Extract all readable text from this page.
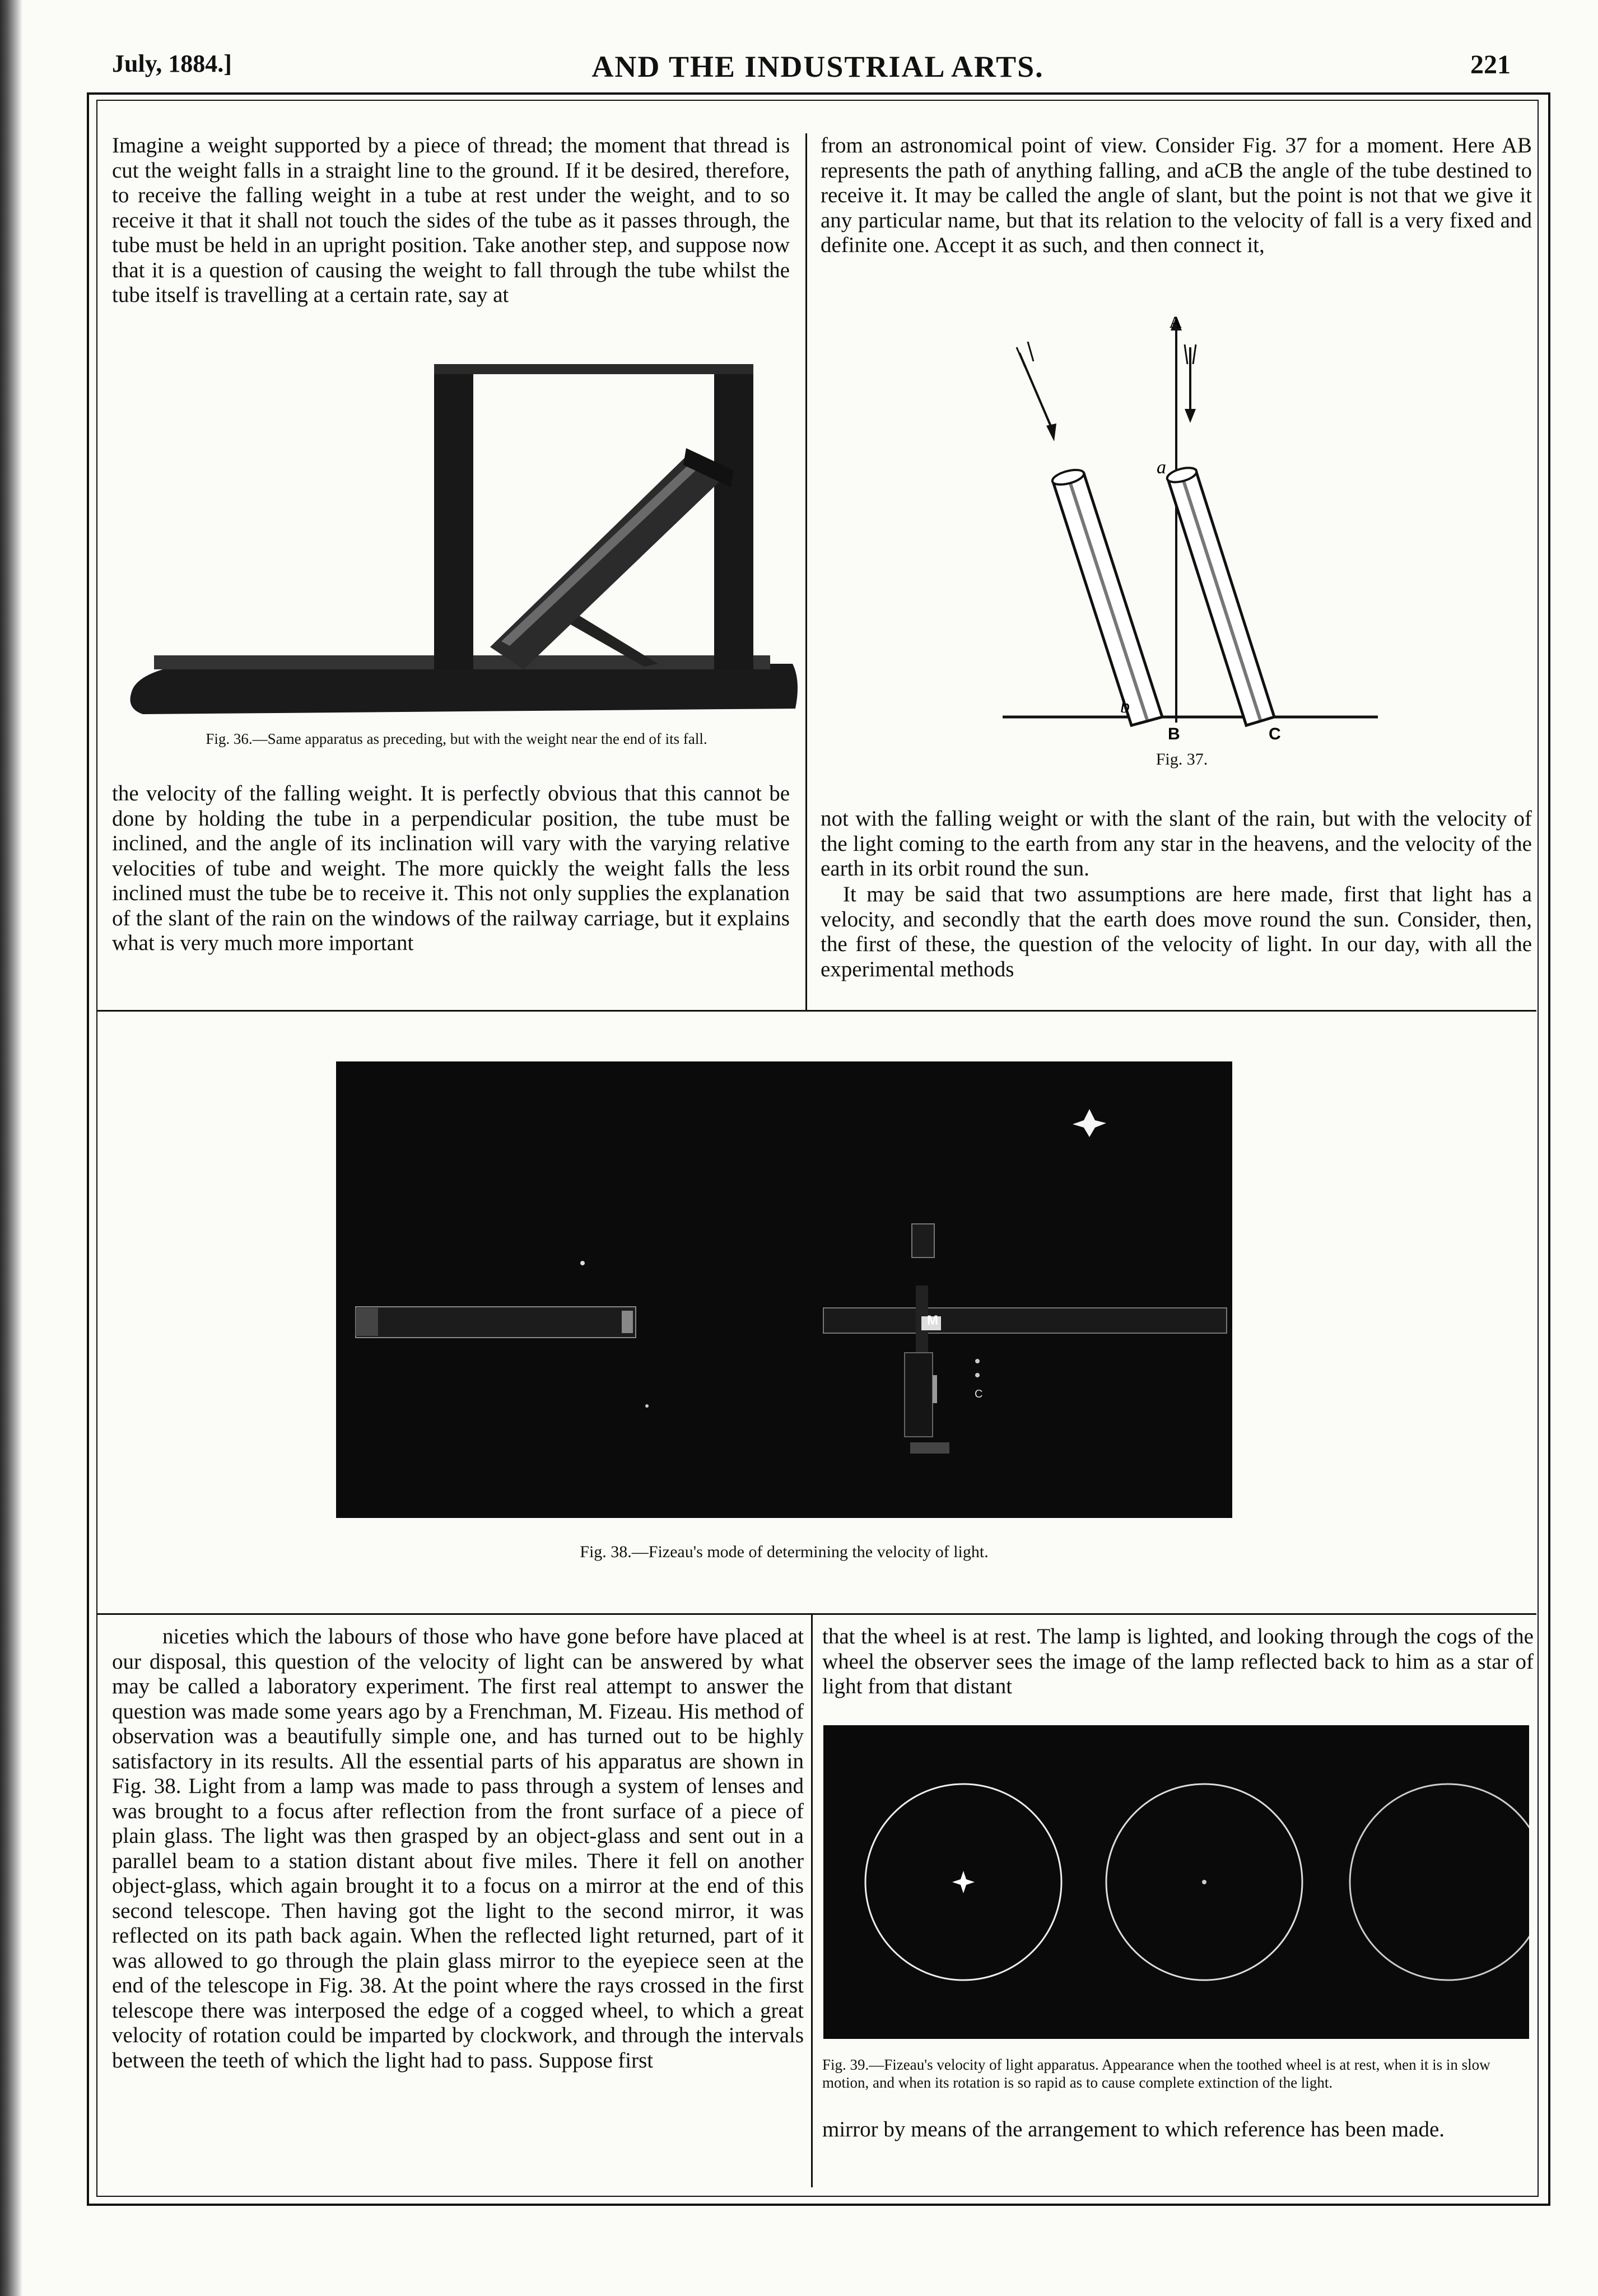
July, 1884.]	AND THE INDUSTRIAL ARTS.	221
Imagine a weight supported by a piece of thread; the moment that thread is cut the weight falls in a straight line to the ground. If it be desired, therefore, to receive the falling weight in a tube at rest under the weight, and to so receive it that it shall not touch the sides of the tube as it passes through, the tube must be held in an upright position. Take another step, and suppose now that it is a question of causing the weight to fall through the tube whilst the tube itself is travelling at a certain rate, say at
Fig. 36.—Same apparatus as preceding, but with the weight near the end of its fall.
from an astronomical point of view. Consider Fig. 37 for a moment. Here AB represents the path of anything falling, and aCB the angle of the tube destined to receive it. It may be called the angle of slant, but the point is not that we give it any particular name, but that its relation to the velocity of fall is a very fixed and definite one. Accept it as such, and then connect it,
A
a
b
B	C
Fig. 37.
the velocity of the falling weight. It is perfectly obvious that this cannot be done by holding the tube in a perpendicular position, the tube must be inclined, and the angle of its inclination will vary with the varying relative velocities of tube and weight. The more quickly the weight falls the less inclined must the tube be to receive it. This not only supplies the explanation of the slant of the rain on the windows of the railway carriage, but it explains what is very much more important
not with the falling weight or with the slant of the rain, but with the velocity of the light coming to the earth from any star in the heavens, and the velocity of the earth in its orbit round the sun.
It may be said that two assumptions are here made, first that light has a velocity, and secondly that the earth does move round the sun. Consider, then, the first of these, the question of the velocity of light. In our day, with all the experimental methods
M
C
Fig. 38.—Fizeau's mode of determining the velocity of light.
niceties which the labours of those who have gone before have placed at our disposal, this question of the velocity of light can be answered by what may be called a laboratory experiment. The first real attempt to answer the question was made some years ago by a Frenchman, M. Fizeau. His method of observation was a beautifully simple one, and has turned out to be highly satisfactory in its results. All the essential parts of his apparatus are shown in Fig. 38. Light from a lamp was made to pass through a system of lenses and was brought to a focus after reflection from the front surface of a piece of plain glass. The light was then grasped by an object-glass and sent out in a parallel beam to a station distant about five miles. There it fell on another object-glass, which again brought it to a focus on a mirror at the end of this second telescope. Then having got the light to the second mirror, it was reflected on its path back again. When the reflected light returned, part of it was allowed to go through the plain glass mirror to the eyepiece seen at the end of the telescope in Fig. 38. At the point where the rays crossed in the first telescope there was interposed the edge of a cogged wheel, to which a great velocity of rotation could be imparted by clockwork, and through the intervals between the teeth of which the light had to pass. Suppose first
that the wheel is at rest. The lamp is lighted, and looking through the cogs of the wheel the observer sees the image of the lamp reflected back to him as a star of light from that distant
Fig. 39.—Fizeau's velocity of light apparatus. Appearance when the toothed wheel is at rest, when it is in slow motion, and when its rotation is so rapid as to cause complete extinction of the light.
mirror by means of the arrangement to which reference has been made.
